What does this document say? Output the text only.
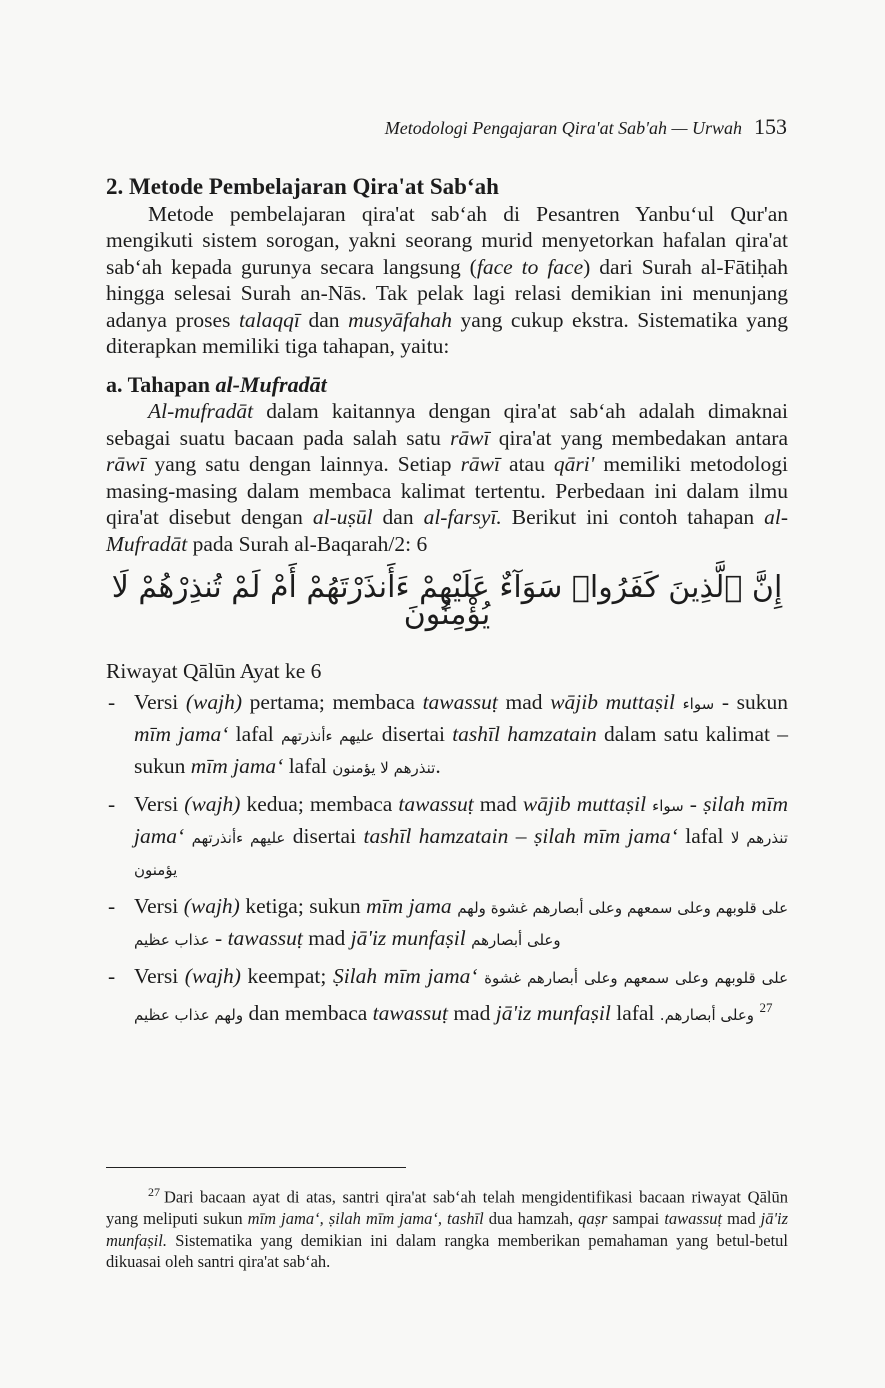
Metodologi Pengajaran Qira'at Sab'ah — Urwah 153
2. Metode Pembelajaran Qira'at Sab‘ah

Metode pembelajaran qira'at sab‘ah di Pesantren Yanbu‘ul Qur'an mengikuti sistem sorogan, yakni seorang murid menyetorkan hafalan qira'at sab‘ah kepada gurunya secara langsung (face to face) dari Surah al-Fātiḥah hingga selesai Surah an-Nās. Tak pelak lagi relasi demikian ini menunjang adanya proses talaqqī dan musyāfahah yang cukup ekstra. Sistematika yang diterapkan memiliki tiga tahapan, yaitu:

a. Tahapan al-Mufradāt

Al-mufradāt dalam kaitannya dengan qira'at sab‘ah adalah dimaknai sebagai suatu bacaan pada salah satu rāwī qira'at yang membedakan antara rāwī yang satu dengan lainnya. Setiap rāwī atau qāri' memiliki metodologi masing-masing dalam membaca kalimat tertentu. Perbedaan ini dalam ilmu qira'at disebut dengan al-uṣūl dan al-farsyī. Berikut ini contoh tahapan al-Mufradāt pada Surah al-Baqarah/2: 6

إِنَّ ٱلَّذِينَ كَفَرُوا۟ سَوَآءٌ عَلَيْهِمْ ءَأَنذَرْتَهُمْ أَمْ لَمْ تُنذِرْهُمْ لَا يُؤْمِنُونَ

Riwayat Qālūn Ayat ke 6

- Versi (wajh) pertama; membaca tawassuṭ mad wājib muttaṣil سواء - sukun mīm jama‘ lafal عليهم ءأنذرتهم disertai tashīl hamzatain dalam satu kalimat – sukun mīm jama‘ lafal تنذرهم لا يؤمنون.
- Versi (wajh) kedua; membaca tawassuṭ mad wājib muttaṣil سواء - ṣilah mīm jama‘ عليهم ءأنذرتهم disertai tashīl hamzatain – ṣilah mīm jama‘ lafal تنذرهم لا يؤمنون
- Versi (wajh) ketiga; sukun mīm jama على قلوبهم وعلى سمعهم وعلى أبصارهم غشوة ولهم عذاب عظيم - tawassuṭ mad jā'iz munfaṣil وعلى أبصارهم
- Versi (wajh) keempat; Ṣilah mīm jama‘ على قلوبهم وعلى سمعهم وعلى أبصارهم غشوة ولهم عذاب عظيم dan membaca tawassuṭ mad jā'iz munfaṣil lafal وعلى أبصارهم. $^{27}$
$^{27}$ Dari bacaan ayat di atas, santri qira'at sab‘ah telah mengidentifikasi bacaan riwayat Qālūn yang meliputi sukun mīm jama‘, ṣilah mīm jama‘, tashīl dua hamzah, qaṣr sampai tawassuṭ mad jā'iz munfaṣil. Sistematika yang demikian ini dalam rangka memberikan pemahaman yang betul-betul dikuasai oleh santri qira'at sab‘ah.
